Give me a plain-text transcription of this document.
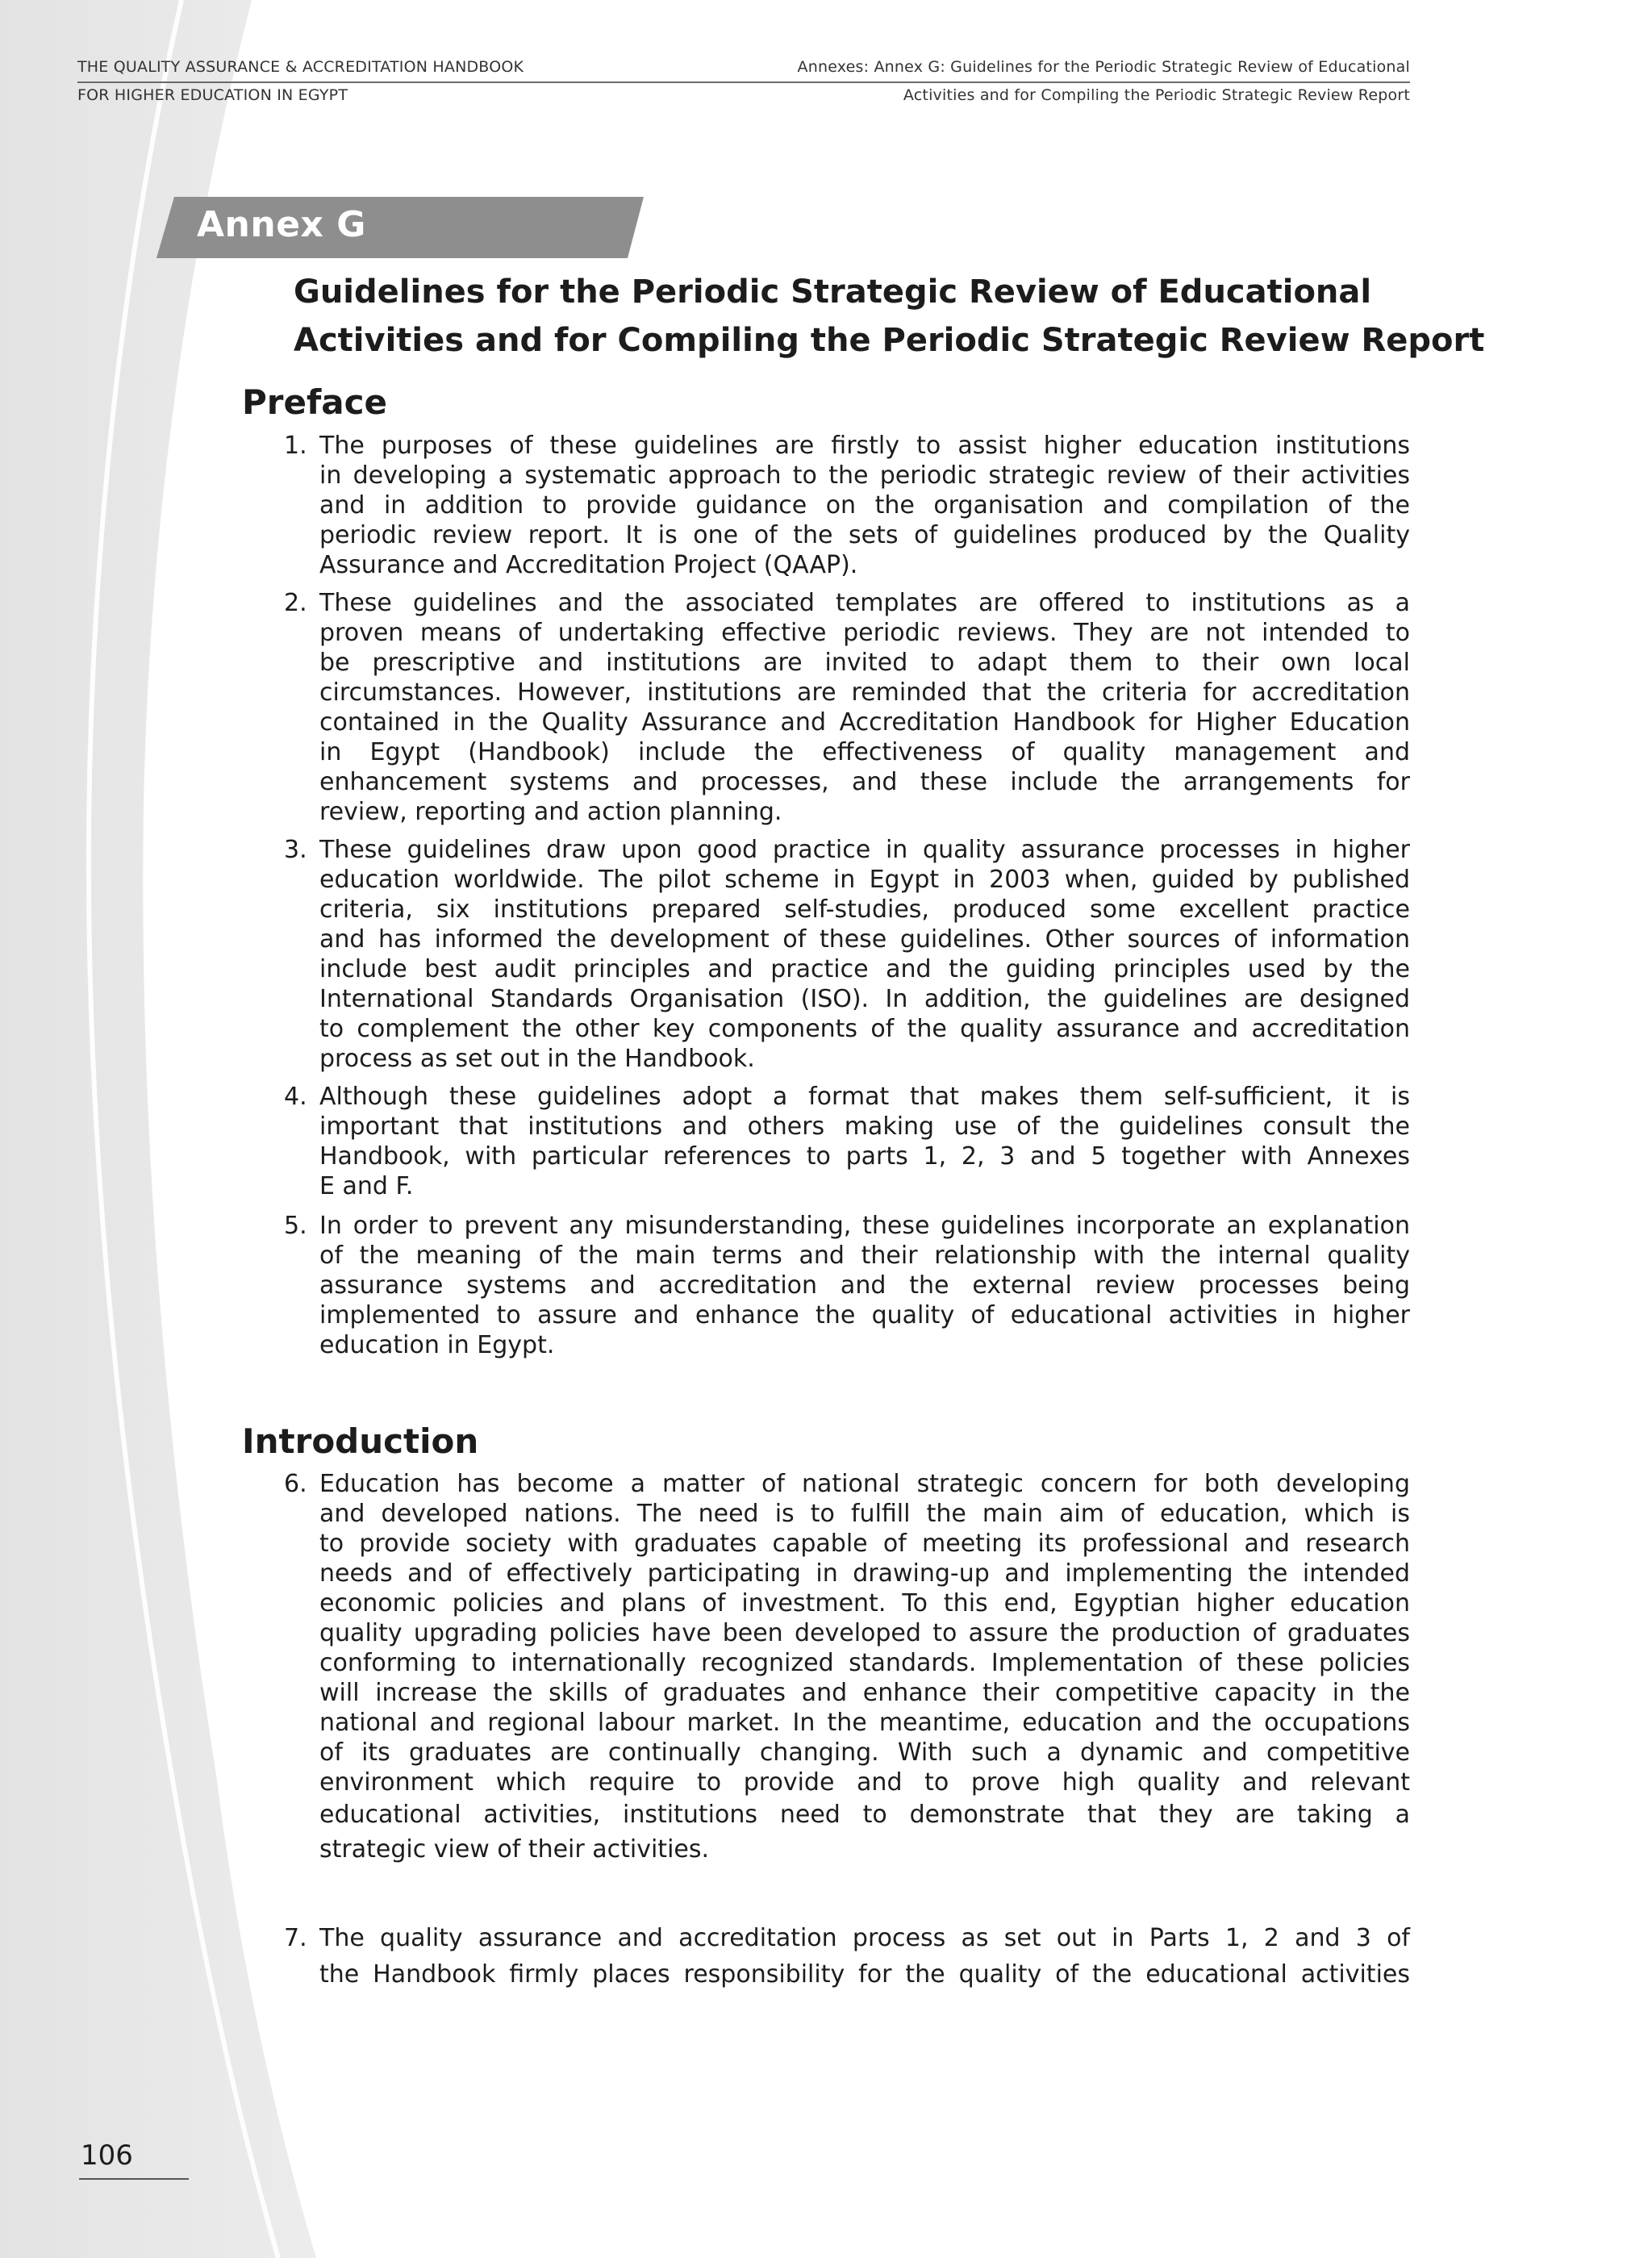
THE QUALITY ASSURANCE & ACCREDITATION HANDBOOK	Annexes: Annex G: Guidelines for the Periodic Strategic Review of Educational
FOR HIGHER EDUCATION IN EGYPT	Activities and for Compiling the Periodic Strategic Review Report
Annex G
Guidelines for the Periodic Strategic Review of Educational
Activities and for Compiling the Periodic Strategic Review Report
Preface
1. The purposes of these guidelines are firstly to assist higher education institutions
in developing a systematic approach to the periodic strategic review of their activities
and in addition to provide guidance on the organisation and compilation of the
periodic review report. It is one of the sets of guidelines produced by the Quality
Assurance and Accreditation Project (QAAP).
2. These guidelines and the associated templates are offered to institutions as a
proven means of undertaking effective periodic reviews. They are not intended to
be prescriptive and institutions are invited to adapt them to their own local
circumstances. However, institutions are reminded that the criteria for accreditation
contained in the Quality Assurance and Accreditation Handbook for Higher Education
in Egypt (Handbook) include the effectiveness of quality management and
enhancement systems and processes, and these include the arrangements for
review, reporting and action planning.
3. These guidelines draw upon good practice in quality assurance processes in higher
education worldwide. The pilot scheme in Egypt in 2003 when, guided by published
criteria, six institutions prepared self-studies, produced some excellent practice
and has informed the development of these guidelines. Other sources of information
include best audit principles and practice and the guiding principles used by the
International Standards Organisation (ISO). In addition, the guidelines are designed
to complement the other key components of the quality assurance and accreditation
process as set out in the Handbook.
4. Although these guidelines adopt a format that makes them self-sufficient, it is
important that institutions and others making use of the guidelines consult the
Handbook, with particular references to parts 1, 2, 3 and 5 together with Annexes
E and F.
5. In order to prevent any misunderstanding, these guidelines incorporate an explanation
of the meaning of the main terms and their relationship with the internal quality
assurance systems and accreditation and the external review processes being
implemented to assure and enhance the quality of educational activities in higher
education in Egypt.
Introduction
6. Education has become a matter of national strategic concern for both developing
and developed nations. The need is to fulfill the main aim of education, which is
to provide society with graduates capable of meeting its professional and research
needs and of effectively participating in drawing-up and implementing the intended
economic policies and plans of investment. To this end, Egyptian higher education
quality upgrading policies have been developed to assure the production of graduates
conforming to internationally recognized standards. Implementation of these policies
will increase the skills of graduates and enhance their competitive capacity in the
national and regional labour market. In the meantime, education and the occupations
of its graduates are continually changing. With such a dynamic and competitive
environment which require to provide and to prove high quality and relevant
educational activities, institutions need to demonstrate that they are taking a
strategic view of their activities.
7. The quality assurance and accreditation process as set out in Parts 1, 2 and 3 of
the Handbook firmly places responsibility for the quality of the educational activities
106
